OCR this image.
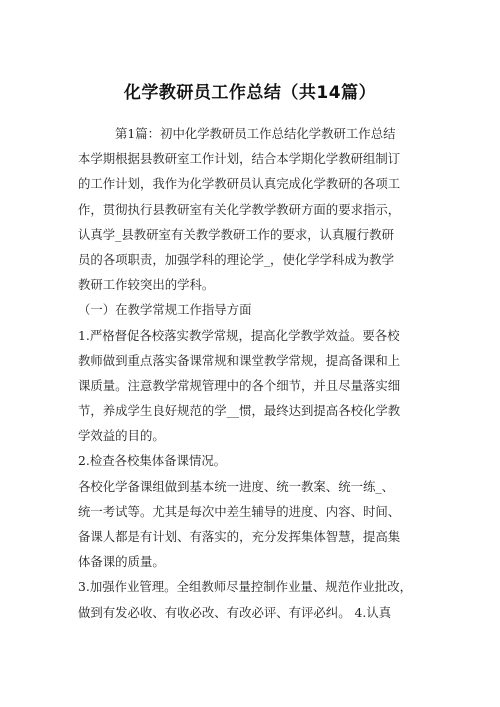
化学教研员工作总结（共14篇）
第1篇：初中化学教研员工作总结化学教研工作总结
本学期根据县教研室工作计划，结合本学期化学教研组制订
的工作计划，我作为化学教研员认真完成化学教研的各项工
作，贯彻执行县教研室有关化学教学教研方面的要求指示，
认真学_县教研室有关教学教研工作的要求，认真履行教研
员的各项职责，加强学科的理论学_，使化学学科成为教学
教研工作较突出的学科。
（一）在教学常规工作指导方面
1.严格督促各校落实教学常规，提高化学教学效益。要各校
教师做到重点落实备课常规和课堂教学常规，提高备课和上
课质量。注意教学常规管理中的各个细节，并且尽量落实细
节，养成学生良好规范的学__惯，最终达到提高各校化学教
学效益的目的。
2.检查各校集体备课情况。
各校化学备课组做到基本统一进度、统一教案、统一练_、
统一考试等。尤其是每次中差生辅导的进度、内容、时间、
备课人都是有计划、有落实的，充分发挥集体智慧，提高集
体备课的质量。
3.加强作业管理。全组教师尽量控制作业量、规范作业批改，
做到有发必收、有收必改、有改必评、有评必纠。 4.认真
